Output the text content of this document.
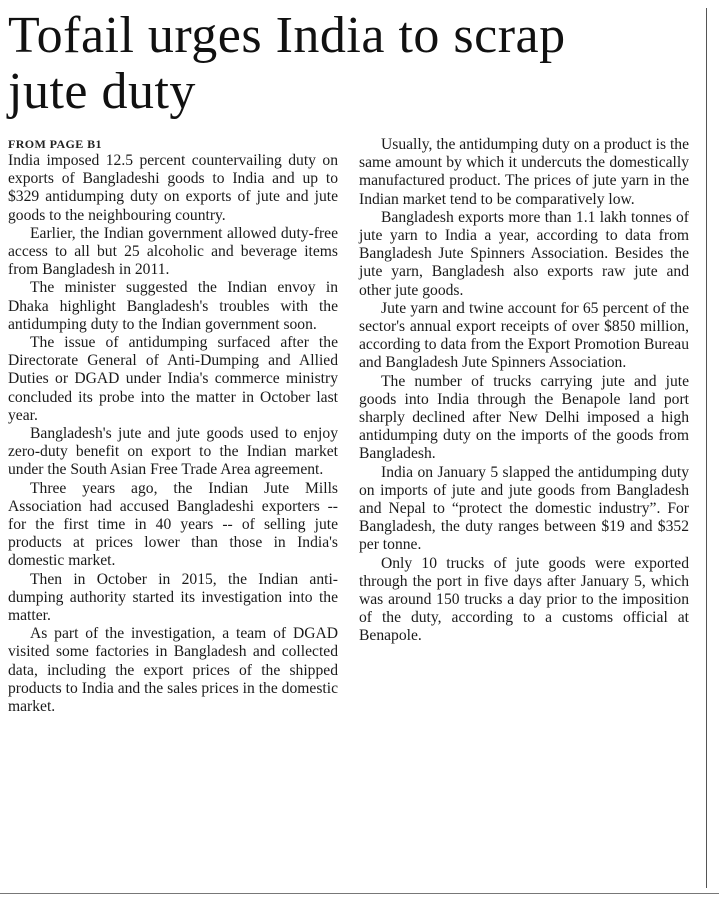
Tofail urges India to scrap jute duty
FROM PAGE B1

India imposed 12.5 percent countervailing duty on exports of Bangladeshi goods to India and up to $329 antidumping duty on exports of jute and jute goods to the neighbouring country.

Earlier, the Indian government allowed duty-free access to all but 25 alcoholic and beverage items from Bangladesh in 2011.

The minister suggested the Indian envoy in Dhaka highlight Bangladesh's troubles with the antidumping duty to the Indian government soon.

The issue of antidumping surfaced after the Directorate General of Anti-Dumping and Allied Duties or DGAD under India's commerce ministry concluded its probe into the matter in October last year.

Bangladesh's jute and jute goods used to enjoy zero-duty benefit on export to the Indian market under the South Asian Free Trade Area agreement.

Three years ago, the Indian Jute Mills Association had accused Bangladeshi exporters -- for the first time in 40 years -- of selling jute products at prices lower than those in India's domestic market.

Then in October in 2015, the Indian anti-dumping authority started its investigation into the matter.

As part of the investigation, a team of DGAD visited some factories in Bangladesh and collected data, including the export prices of the shipped products to India and the sales prices in the domestic market.

Usually, the antidumping duty on a product is the same amount by which it undercuts the domestically manufactured product. The prices of jute yarn in the Indian market tend to be comparatively low.

Bangladesh exports more than 1.1 lakh tonnes of jute yarn to India a year, according to data from Bangladesh Jute Spinners Association. Besides the jute yarn, Bangladesh also exports raw jute and other jute goods.

Jute yarn and twine account for 65 percent of the sector's annual export receipts of over $850 million, according to data from the Export Promotion Bureau and Bangladesh Jute Spinners Association.

The number of trucks carrying jute and jute goods into India through the Benapole land port sharply declined after New Delhi imposed a high antidumping duty on the imports of the goods from Bangladesh.

India on January 5 slapped the antidumping duty on imports of jute and jute goods from Bangladesh and Nepal to “protect the domestic industry”. For Bangladesh, the duty ranges between $19 and $352 per tonne.

Only 10 trucks of jute goods were exported through the port in five days after January 5, which was around 150 trucks a day prior to the imposition of the duty, according to a customs official at Benapole.
